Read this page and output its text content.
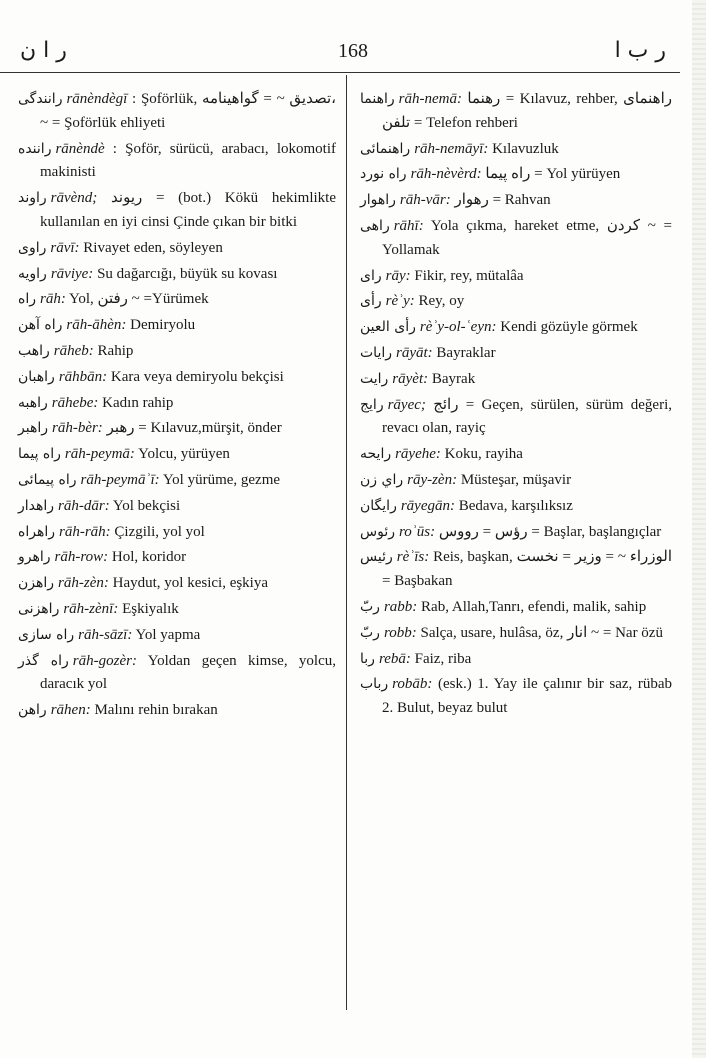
ر ا ن	168	ر ب ا

رانندگی rānèndègī : Şoförlük, تصديق ~ = گواهينامه، ~ = Şoförlük ehliyeti

راننده rānèndè : Şoför, sürücü, arabacı, lokomotif makinisti

راوند rāvènd; ريوند = (bot.) Kökü hekimlikte kullanılan en iyi cinsi Çinde çıkan bir bitki

راوی rāvī: Rivayet eden, söyleyen

راويه rāviye: Su dağarcığı, büyük su kovası

راه rāh: Yol, رفتن ~ =Yürümek

راه آهن rāh-āhèn: Demiryolu

راهب rāheb: Rahip

راهبان rāhbān: Kara veya demiryolu bekçisi

راهبه rāhebe: Kadın rahip

راهبر rāh-bèr: رهبر = Kılavuz,mürşit, önder

راه پیما rāh-peymā: Yolcu, yürüyen

راه پیمائی rāh-peymāʾī: Yol yürüme, gezme

راهدار rāh-dār: Yol bekçisi

راهراه rāh-rāh: Çizgili, yol yol

راهرو rāh-row: Hol, koridor

راهزن rāh-zèn: Haydut, yol kesici, eşkiya

راهزنی rāh-zènī: Eşkiyalık

راه سازی rāh-sāzī: Yol yapma

راه گذر rāh-gozèr: Yoldan geçen kimse, yolcu, daracık yol

راهن rāhen: Malını rehin bırakan

راهنما rāh-nemā: رهنما = Kılavuz, rehber, راهنمای تلفن = Telefon rehberi

راهنمائی rāh-nemāyī: Kılavuzluk

راه نورد rāh-nèvèrd: راه پیما = Yol yürüyen

راهوار rāh-vār: رهوار = Rahvan

راهی rāhī: Yola çıkma, hareket etme, كردن ~ = Yollamak

رای rāy: Fikir, rey, mütalâa

رأی rèʾy: Rey, oy

رأى العين rèʾy-ol-ʿeyn: Kendi gözüyle görmek

رايات rāyāt: Bayraklar

رايت rāyèt: Bayrak

رايج rāyec; رائج = Geçen, sürülen, sürüm değeri, revacı olan, rayiç

رايحه rāyehe: Koku, rayiha

راي زن rāy-zèn: Müsteşar, müşavir

رايگان rāyegān: Bedava, karşılıksız

رئوس roʾūs: رؤس = رووس = Başlar, başlangıçlar

رئيس rèʾīs: Reis, başkan, الوزراء ~ = وزير = نخست = Başbakan

ربّ rabb: Rab, Allah,Tanrı, efendi, malik, sahip

ربّ robb: Salça, usare, hulâsa, öz, انار ~ = Nar özü

ربا rebā: Faiz, riba

رباب robāb: (esk.) 1. Yay ile çalınır bir saz, rübab 2. Bulut, beyaz bulut
